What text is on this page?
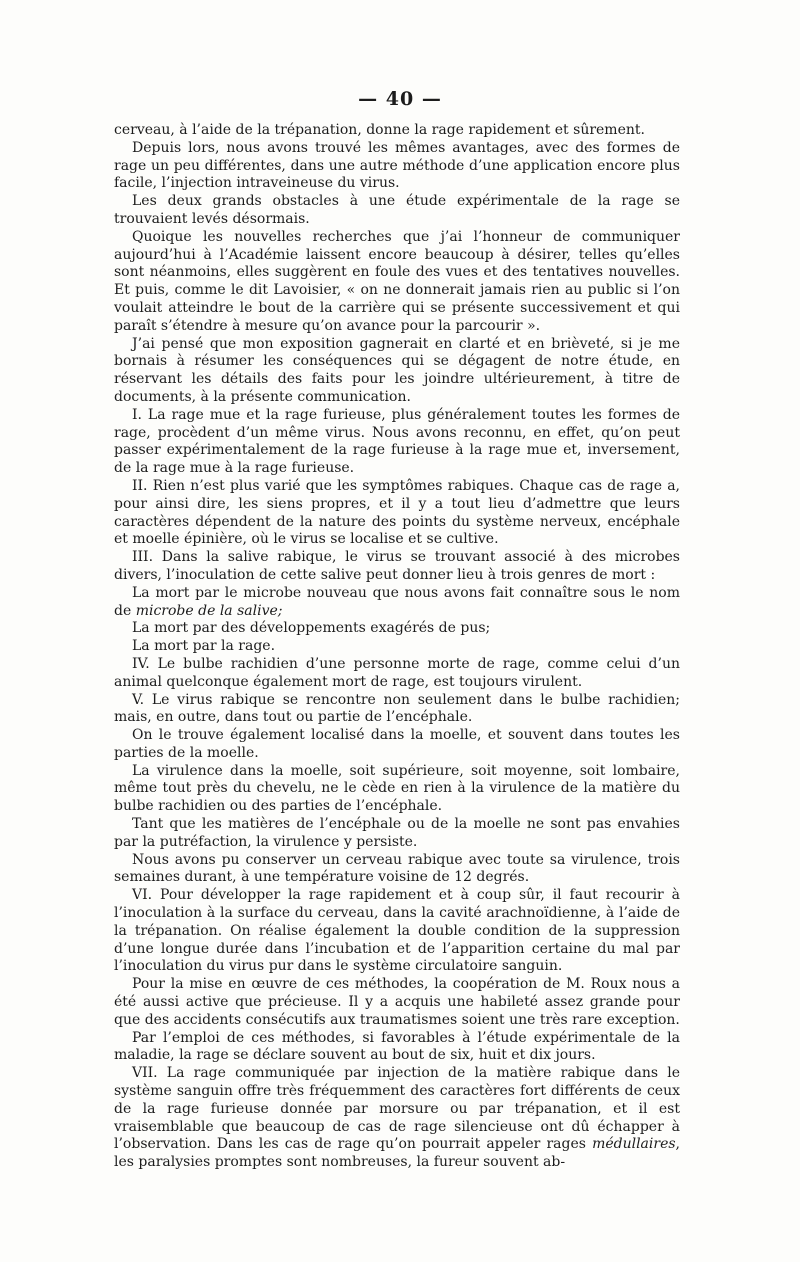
— 40 —

cerveau, à l’aide de la trépanation, donne la rage rapidement et sûrement.

Depuis lors, nous avons trouvé les mêmes avantages, avec des formes de rage un peu différentes, dans une autre méthode d’une application encore plus facile, l’injection intraveineuse du virus.

Les deux grands obstacles à une étude expérimentale de la rage se trouvaient levés désormais.

Quoique les nouvelles recherches que j’ai l’honneur de communiquer aujourd’hui à l’Académie laissent encore beaucoup à désirer, telles qu’elles sont néanmoins, elles suggèrent en foule des vues et des tentatives nouvelles. Et puis, comme le dit Lavoisier, « on ne donnerait jamais rien au public si l’on voulait atteindre le bout de la carrière qui se présente successivement et qui paraît s’étendre à mesure qu’on avance pour la parcourir ».

J’ai pensé que mon exposition gagnerait en clarté et en brièveté, si je me bornais à résumer les conséquences qui se dégagent de notre étude, en réservant les détails des faits pour les joindre ultérieurement, à titre de documents, à la présente communication.

I. La rage mue et la rage furieuse, plus généralement toutes les formes de rage, procèdent d’un même virus. Nous avons reconnu, en effet, qu’on peut passer expérimentalement de la rage furieuse à la rage mue et, inversement, de la rage mue à la rage furieuse.

II. Rien n’est plus varié que les symptômes rabiques. Chaque cas de rage a, pour ainsi dire, les siens propres, et il y a tout lieu d’admettre que leurs caractères dépendent de la nature des points du système nerveux, encéphale et moelle épinière, où le virus se localise et se cultive.

III. Dans la salive rabique, le virus se trouvant associé à des microbes divers, l’inoculation de cette salive peut donner lieu à trois genres de mort :

La mort par le microbe nouveau que nous avons fait connaître sous le nom de microbe de la salive;

La mort par des développements exagérés de pus;

La mort par la rage.

IV. Le bulbe rachidien d’une personne morte de rage, comme celui d’un animal quelconque également mort de rage, est toujours virulent.

V. Le virus rabique se rencontre non seulement dans le bulbe rachidien; mais, en outre, dans tout ou partie de l’encéphale.

On le trouve également localisé dans la moelle, et souvent dans toutes les parties de la moelle.

La virulence dans la moelle, soit supérieure, soit moyenne, soit lombaire, même tout près du chevelu, ne le cède en rien à la virulence de la matière du bulbe rachidien ou des parties de l’encéphale.

Tant que les matières de l’encéphale ou de la moelle ne sont pas envahies par la putréfaction, la virulence y persiste.

Nous avons pu conserver un cerveau rabique avec toute sa virulence, trois semaines durant, à une température voisine de 12 degrés.

VI. Pour développer la rage rapidement et à coup sûr, il faut recourir à l’inoculation à la surface du cerveau, dans la cavité arachnoïdienne, à l’aide de la trépanation. On réalise également la double condition de la suppression d’une longue durée dans l’incubation et de l’apparition certaine du mal par l’inoculation du virus pur dans le système circulatoire sanguin.

Pour la mise en œuvre de ces méthodes, la coopération de M. Roux nous a été aussi active que précieuse. Il y a acquis une habileté assez grande pour que des accidents consécutifs aux traumatismes soient une très rare exception.

Par l’emploi de ces méthodes, si favorables à l’étude expérimentale de la maladie, la rage se déclare souvent au bout de six, huit et dix jours.

VII. La rage communiquée par injection de la matière rabique dans le système sanguin offre très fréquemment des caractères fort différents de ceux de la rage furieuse donnée par morsure ou par trépanation, et il est vraisemblable que beaucoup de cas de rage silencieuse ont dû échapper à l’observation. Dans les cas de rage qu’on pourrait appeler rages médullaires, les paralysies promptes sont nombreuses, la fureur souvent ab-
